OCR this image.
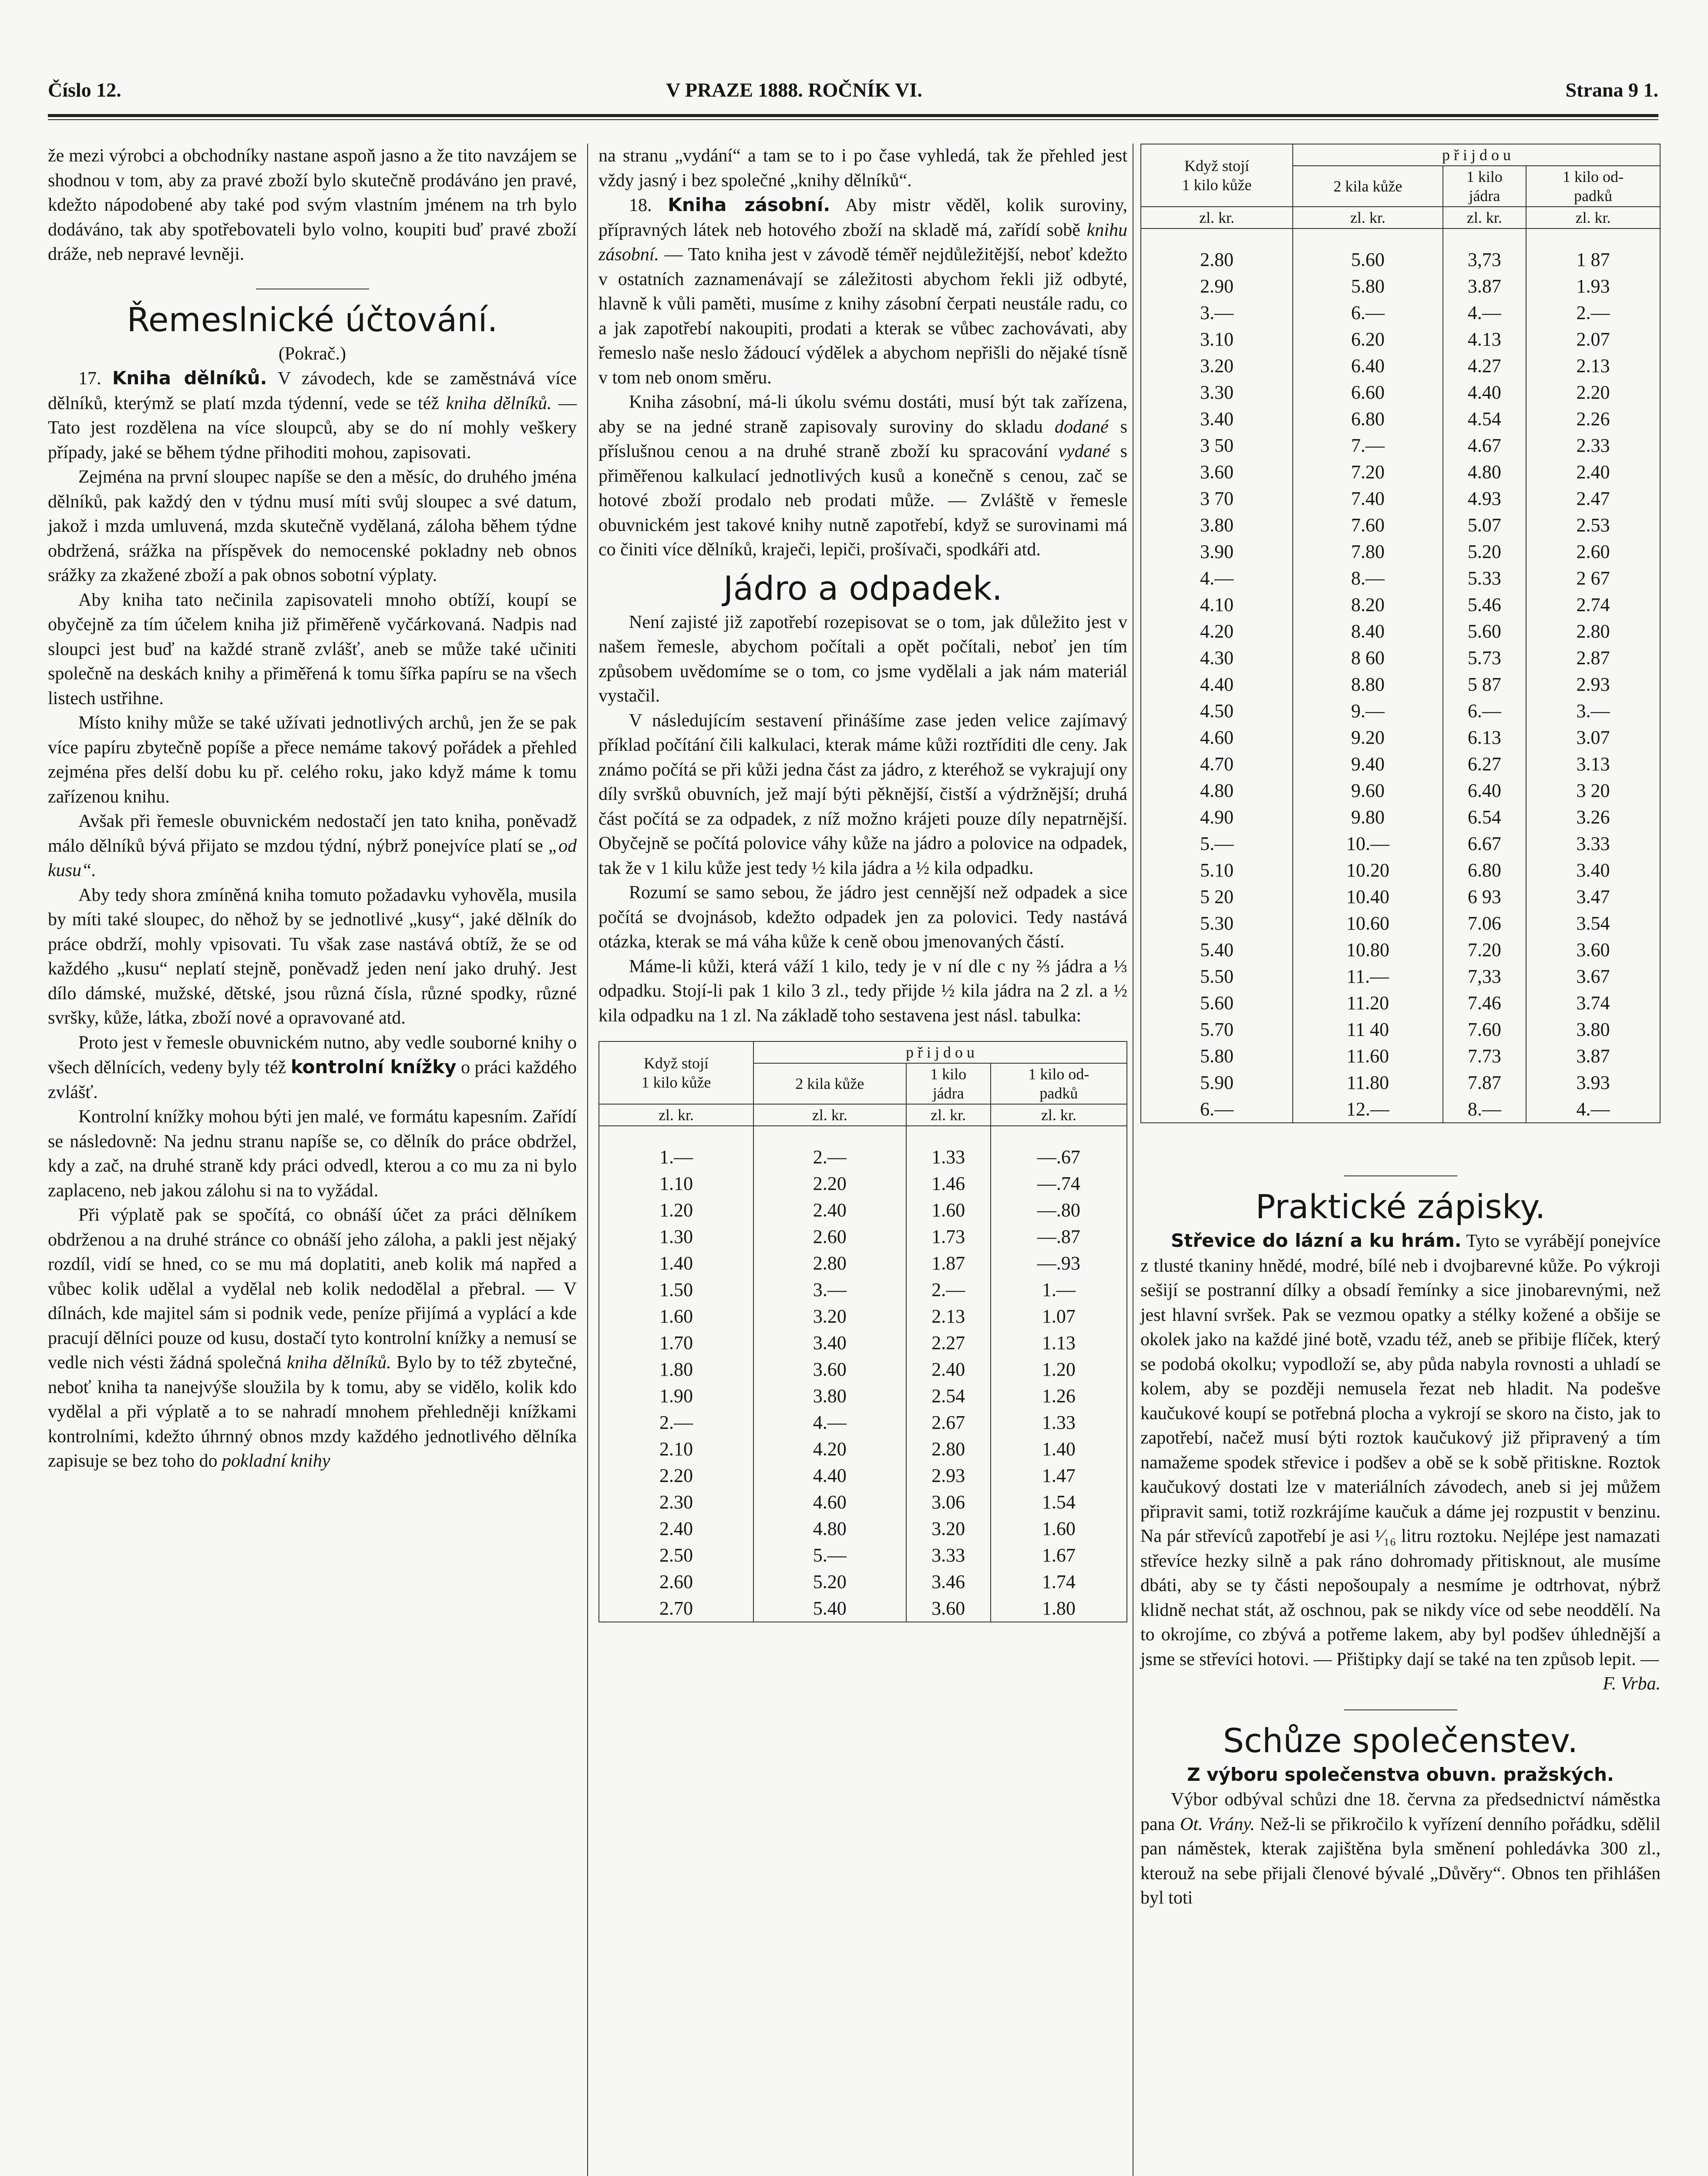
Číslo 12.	V PRAZE 1888. ROČNÍK VI.	Strana 9 1.

že mezi výrobci a obchodníky nastane aspoň jasno a že tito navzájem se shodnou v tom, aby za pravé zboží bylo skutečně prodáváno jen pravé, kdežto nápodobené aby také pod svým vlastním jménem na trh bylo dodáváno, tak aby spotřebovateli bylo volno, koupiti buď pravé zboží dráže, neb nepravé levněji.

Řemeslnické účtování.

(Pokrač.)

17. Kniha dělníků. V závodech, kde se zaměstnává více dělníků, kterýmž se platí mzda týdenní, vede se též kniha dělníků. — Tato jest rozdělena na více sloupců, aby se do ní mohly veškery případy, jaké se během týdne přihoditi mohou, zapisovati.

Zejména na první sloupec napíše se den a měsíc, do druhého jména dělníků, pak každý den v týdnu musí míti svůj sloupec a své datum, jakož i mzda umluvená, mzda skutečně vydělaná, záloha během týdne obdržená, srážka na příspěvek do nemocenské pokladny neb obnos srážky za zkažené zboží a pak obnos sobotní výplaty.

Aby kniha tato nečinila zapisovateli mnoho obtíží, koupí se obyčejně za tím účelem kniha již přiměřeně vyčárkovaná. Nadpis nad sloupci jest buď na každé straně zvlášť, aneb se může také učiniti společně na deskách knihy a přiměřená k tomu šířka papíru se na všech listech ustřihne.

Místo knihy může se také užívati jednotlivých archů, jen že se pak více papíru zbytečně popíše a přece nemáme takový pořádek a přehled zejména přes delší dobu ku př. celého roku, jako když máme k tomu zařízenou knihu.

Avšak při řemesle obuvnickém nedostačí jen tato kniha, poněvadž málo dělníků bývá přijato se mzdou týdní, nýbrž ponejvíce platí se „od kusu“.

Aby tedy shora zmíněná kniha tomuto požadavku vyhověla, musila by míti také sloupec, do něhož by se jednotlivé „kusy“, jaké dělník do práce obdrží, mohly vpisovati. Tu však zase nastává obtíž, že se od každého „kusu“ neplatí stejně, poněvadž jeden není jako druhý. Jest dílo dámské, mužské, dětské, jsou různá čísla, různé spodky, různé svršky, kůže, látka, zboží nové a opravované atd.

Proto jest v řemesle obuvnickém nutno, aby vedle souborné knihy o všech dělnících, vedeny byly též kontrolní knížky o práci každého zvlášť.

Kontrolní knížky mohou býti jen malé, ve formátu kapesním. Zařídí se následovně: Na jednu stranu napíše se, co dělník do práce obdržel, kdy a zač, na druhé straně kdy práci odvedl, kterou a co mu za ni bylo zaplaceno, neb jakou zálohu si na to vyžádal.

Při výplatě pak se spočítá, co obnáší účet za práci dělníkem obdrženou a na druhé stránce co obnáší jeho záloha, a pakli jest nějaký rozdíl, vidí se hned, co se mu má doplatiti, aneb kolik má napřed a vůbec kolik udělal a vydělal neb kolik nedodělal a přebral. — V dílnách, kde majitel sám si podnik vede, peníze přijímá a vyplácí a kde pracují dělníci pouze od kusu, dostačí tyto kontrolní knížky a nemusí se vedle nich vésti žádná společná kniha dělníků. Bylo by to též zbytečné, neboť kniha ta nanejvýše sloužila by k tomu, aby se vidělo, kolik kdo vydělal a při výplatě a to se nahradí mnohem přehledněji knížkami kontrolními, kdežto úhrnný obnos mzdy každého jednotlivého dělníka zapisuje se bez toho do pokladní knihy

na stranu „vydání“ a tam se to i po čase vyhledá, tak že přehled jest vždy jasný i bez společné „knihy dělníků“.

18. Kniha zásobní. Aby mistr věděl, kolik suroviny, přípravných látek neb hotového zboží na skladě má, zařídí sobě knihu zásobní. — Tato kniha jest v závodě téměř nejdůležitější, neboť kdežto v ostatních zaznamenávají se záležitosti abychom řekli již odbyté, hlavně k vůli paměti, musíme z knihy zásobní čerpati neustále radu, co a jak zapotřebí nakoupiti, prodati a kterak se vůbec zachovávati, aby řemeslo naše neslo žádoucí výdělek a abychom nepřišli do nějaké tísně v tom neb onom směru.

Kniha zásobní, má-li úkolu svému dostáti, musí být tak zařízena, aby se na jedné straně zapisovaly suroviny do skladu dodané s příslušnou cenou a na druhé straně zboží ku spracování vydané s přiměřenou kalkulací jednotlivých kusů a konečně s cenou, zač se hotové zboží prodalo neb prodati může. — Zvláště v řemesle obuvnickém jest takové knihy nutně zapotřebí, když se surovinami má co činiti více dělníků, kraječi, lepiči, prošívači, spodkáři atd.

Jádro a odpadek.

Není zajisté již zapotřebí rozepisovat se o tom, jak důležito jest v našem řemesle, abychom počítali a opět počítali, neboť jen tím způsobem uvědomíme se o tom, co jsme vydělali a jak nám materiál vystačil.

V následujícím sestavení přinášíme zase jeden velice zajímavý příklad počítání čili kalkulaci, kterak máme kůži roztříditi dle ceny. Jak známo počítá se při kůži jedna část za jádro, z kteréhož se vykrajují ony díly svršků obuvních, jež mají býti pěknější, čistší a výdržnější; druhá část počítá se za odpadek, z níž možno krájeti pouze díly nepatrnější. Obyčejně se počítá polovice váhy kůže na jádro a polovice na odpadek, tak že v 1 kilu kůže jest tedy ½ kila jádra a ½ kila odpadku.

Rozumí se samo sebou, že jádro jest cennější než odpadek a sice počítá se dvojnásob, kdežto odpadek jen za polovici. Tedy nastává otázka, kterak se má váha kůže k ceně obou jmenovaných částí.

Máme-li kůži, která váží 1 kilo, tedy je v ní dle c ny ⅔ jádra a ⅓ odpadku. Stojí-li pak 1 kilo 3 zl., tedy přijde ½ kila jádra na 2 zl. a ½ kila odpadku na 1 zl. Na základě toho sestavena jest násl. tabulka:

Když stojí
1 kilo kůže	p ř i j d o u		
	2 kila kůže	1 kilo
jádra	1 kilo od-
padků
zl. kr.	zl. kr.	zl. kr.	zl. kr.

1.—	2.—	1.33	—.67
1.10	2.20	1.46	—.74
1.20	2.40	1.60	—.80
1.30	2.60	1.73	—.87
1.40	2.80	1.87	—.93
1.50	3.—	2.—	1.—
1.60	3.20	2.13	1.07
1.70	3.40	2.27	1.13
1.80	3.60	2.40	1.20
1.90	3.80	2.54	1.26
2.—	4.—	2.67	1.33
2.10	4.20	2.80	1.40
2.20	4.40	2.93	1.47
2.30	4.60	3.06	1.54
2.40	4.80	3.20	1.60
2.50	5.—	3.33	1.67
2.60	5.20	3.46	1.74
2.70	5.40	3.60	1.80
Když stojí
1 kilo kůže	p ř i j d o u		
	2 kila kůže	1 kilo
jádra	1 kilo od-
padků
zl. kr.	zl. kr.	zl. kr.	zl. kr.

2.80	5.60	3,73	1 87
2.90	5.80	3.87	1.93
3.—	6.—	4.—	2.—
3.10	6.20	4.13	2.07
3.20	6.40	4.27	2.13
3.30	6.60	4.40	2.20
3.40	6.80	4.54	2.26
3 50	7.—	4.67	2.33
3.60	7.20	4.80	2.40
3 70	7.40	4.93	2.47
3.80	7.60	5.07	2.53
3.90	7.80	5.20	2.60
4.—	8.—	5.33	2 67
4.10	8.20	5.46	2.74
4.20	8.40	5.60	2.80
4.30	8 60	5.73	2.87
4.40	8.80	5 87	2.93
4.50	9.—	6.—	3.—
4.60	9.20	6.13	3.07
4.70	9.40	6.27	3.13
4.80	9.60	6.40	3 20
4.90	9.80	6.54	3.26
5.—	10.—	6.67	3.33
5.10	10.20	6.80	3.40
5 20	10.40	6 93	3.47
5.30	10.60	7.06	3.54
5.40	10.80	7.20	3.60
5.50	11.—	7,33	3.67
5.60	11.20	7.46	3.74
5.70	11 40	7.60	3.80
5.80	11.60	7.73	3.87
5.90	11.80	7.87	3.93
6.—	12.—	8.—	4.—
Praktické zápisky.

Střevice do lázní a ku hrám. Tyto se vyrábějí ponejvíce z tlusté tkaniny hnědé, modré, bílé neb i dvojbarevné kůže. Po výkroji sešijí se postranní dílky a obsadí řemínky a sice jinobarevnými, než jest hlavní svršek. Pak se vezmou opatky a stélky kožené a obšije se okolek jako na každé jiné botě, vzadu též, aneb se přibije flíček, který se podobá okolku; vypodloží se, aby půda nabyla rovnosti a uhladí se kolem, aby se později nemusela řezat neb hladit. Na podešve kaučukové koupí se potřebná plocha a vykrojí se skoro na čisto, jak to zapotřebí, načež musí býti roztok kaučukový již připravený a tím namažeme spodek střevice i podšev a obě se k sobě přitiskne. Roztok kaučukový dostati lze v materiálních závodech, aneb si jej můžem připravit sami, totiž rozkrájíme kaučuk a dáme jej rozpustit v benzinu. Na pár střevíců zapotřebí je asi ¹⁄₁₆ litru roztoku. Nejlépe jest namazati střevíce hezky silně a pak ráno dohromady přitisknout, ale musíme dbáti, aby se ty části nepošoupaly a nesmíme je odtrhovat, nýbrž klidně nechat stát, až oschnou, pak se nikdy více od sebe neoddělí. Na to okrojíme, co zbývá a potřeme lakem, aby byl podšev úhlednější a jsme se střevíci hotovi. — Přištipky dají se také na ten způsob lepit. —
F. Vrba.

Schůze společenstev.

Z výboru společenstva obuvn. pražských.

Výbor odbýval schůzi dne 18. června za předsednictví náměstka pana Ot. Vrány. Než-li se přikročilo k vyřízení denního pořádku, sdělil pan náměstek, kterak zajištěna byla směnení pohledávka 300 zl., kterouž na sebe přijali členové bývalé „Důvěry“. Obnos ten přihlášen byl toti
